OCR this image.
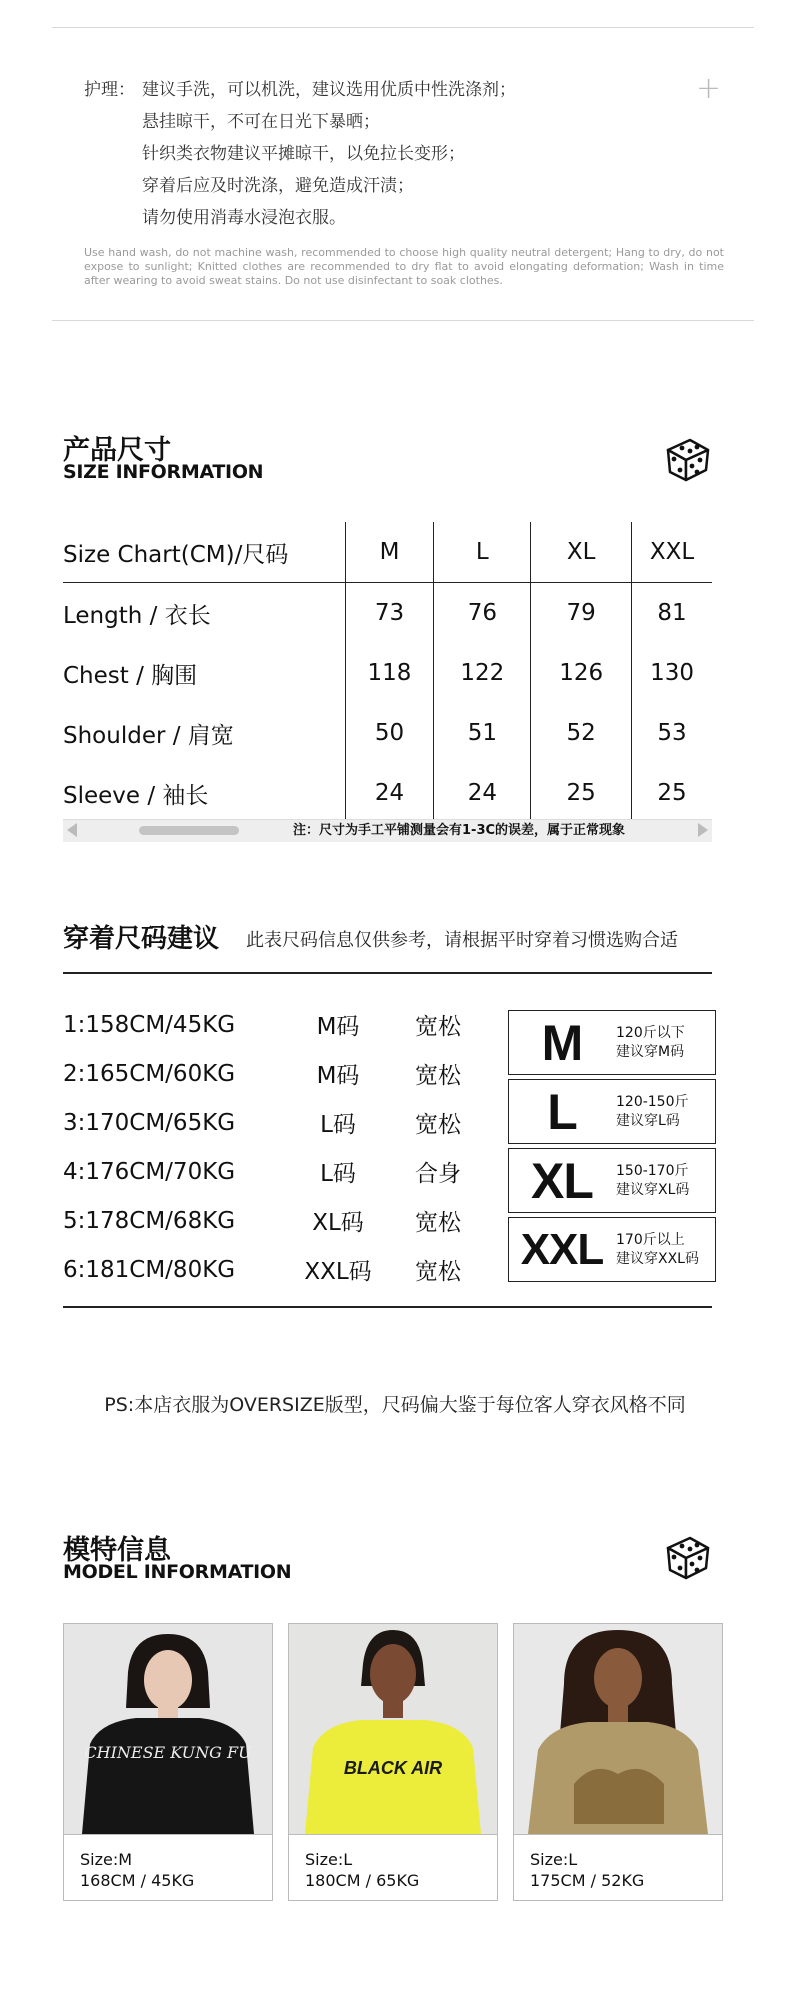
+
护理： 建议手洗，可以机洗，建议选用优质中性洗涤剂；
悬挂晾干，不可在日光下暴晒；
针织类衣物建议平摊晾干，以免拉长变形；
穿着后应及时洗涤，避免造成汗渍；
请勿使用消毒水浸泡衣服。
Use hand wash, do not machine wash, recommended to choose high quality neutral detergent; Hang to dry, do not expose to sunlight; Knitted clothes are recommended to dry flat to avoid elongating deformation; Wash in time after wearing to avoid sweat stains. Do not use disinfectant to soak clothes.
产品尺寸
SIZE INFORMATION
Size Chart(CM)/尺码	M	L	XL	XXL
Length / 衣长	73	76	79	81
Chest / 胸围	118	122	126	130
Shoulder / 肩宽	50	51	52	53
Sleeve / 袖长	24	24	25	25
注：尺寸为手工平铺测量会有1-3C的误差，属于正常现象
穿着尺码建议 此表尺码信息仅供参考，请根据平时穿着习惯选购合适
1:158CM/45KG	M码	宽松
2:165CM/60KG	M码	宽松
3:170CM/65KG	L码	宽松
4:176CM/70KG	L码	合身
5:178CM/68KG	XL码	宽松
6:181CM/80KG	XXL码	宽松
M	120斤以下
建议穿M码
L	120-150斤
建议穿L码
XL	150-170斤
建议穿XL码
XXL 170斤以上
建议穿XXL码
PS:本店衣服为OVERSIZE版型，尺码偏大鉴于每位客人穿衣风格不同
模特信息
MODEL INFORMATION
CHINESE KUNG FU
Size:M
168CM / 45KG
BLACK AIR
Size:L
180CM / 65KG
Size:L
175CM / 52KG
